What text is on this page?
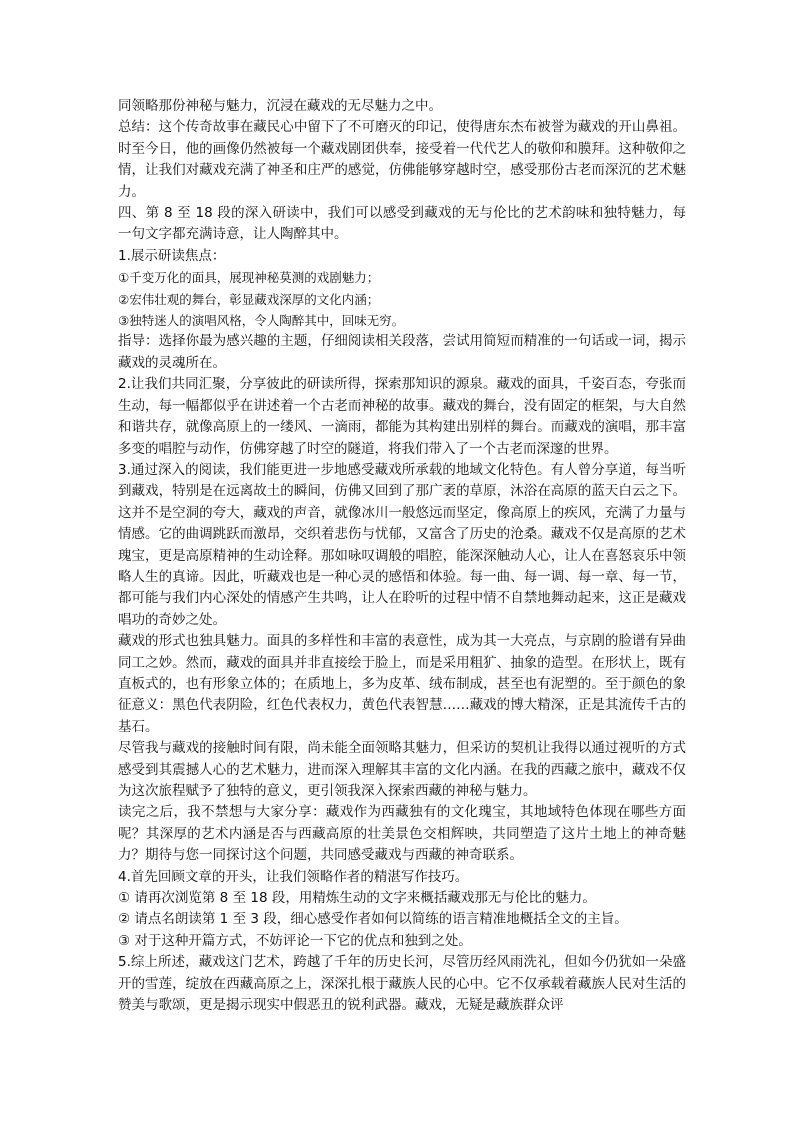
同领略那份神秘与魅力，沉浸在藏戏的无尽魅力之中。

总结：这个传奇故事在藏民心中留下了不可磨灭的印记，使得唐东杰布被誉为藏戏的开山鼻祖。时至今日，他的画像仍然被每一个藏戏剧团供奉，接受着一代代艺人的敬仰和膜拜。这种敬仰之情，让我们对藏戏充满了神圣和庄严的感觉，仿佛能够穿越时空，感受那份古老而深沉的艺术魅力。

四、第 8 至 18 段的深入研读中，我们可以感受到藏戏的无与伦比的艺术韵味和独特魅力，每一句文字都充满诗意，让人陶醉其中。

1.展示研读焦点：

①千变万化的面具，展现神秘莫测的戏剧魅力；

②宏伟壮观的舞台，彰显藏戏深厚的文化内涵；

③独特迷人的演唱风格，令人陶醉其中，回味无穷。

指导：选择你最为感兴趣的主题，仔细阅读相关段落，尝试用简短而精准的一句话或一词，揭示藏戏的灵魂所在。

2.让我们共同汇聚，分享彼此的研读所得，探索那知识的源泉。藏戏的面具，千姿百态，夸张而生动，每一幅都似乎在讲述着一个古老而神秘的故事。藏戏的舞台，没有固定的框架，与大自然和谐共存，就像高原上的一缕风、一滴雨，都能为其构建出别样的舞台。而藏戏的演唱，那丰富多变的唱腔与动作，仿佛穿越了时空的隧道，将我们带入了一个古老而深邃的世界。

3.通过深入的阅读，我们能更进一步地感受藏戏所承载的地域文化特色。有人曾分享道，每当听到藏戏，特别是在远离故土的瞬间，仿佛又回到了那广袤的草原，沐浴在高原的蓝天白云之下。这并不是空洞的夸大，藏戏的声音，就像冰川一般悠远而坚定，像高原上的疾风，充满了力量与情感。它的曲调跳跃而激昂，交织着悲伤与忧郁，又富含了历史的沧桑。藏戏不仅是高原的艺术瑰宝，更是高原精神的生动诠释。那如咏叹调般的唱腔，能深深触动人心，让人在喜怒哀乐中领略人生的真谛。因此，听藏戏也是一种心灵的感悟和体验。每一曲、每一调、每一章、每一节，都可能与我们内心深处的情感产生共鸣，让人在聆听的过程中情不自禁地舞动起来，这正是藏戏唱功的奇妙之处。

藏戏的形式也独具魅力。面具的多样性和丰富的表意性，成为其一大亮点，与京剧的脸谱有异曲同工之妙。然而，藏戏的面具并非直接绘于脸上，而是采用粗犷、抽象的造型。在形状上，既有直板式的，也有形象立体的；在质地上，多为皮革、绒布制成，甚至也有泥塑的。至于颜色的象征意义：黑色代表阴险，红色代表权力，黄色代表智慧……藏戏的博大精深，正是其流传千古的基石。

尽管我与藏戏的接触时间有限，尚未能全面领略其魅力，但采访的契机让我得以通过视听的方式感受到其震撼人心的艺术魅力，进而深入理解其丰富的文化内涵。在我的西藏之旅中，藏戏不仅为这次旅程赋予了独特的意义，更引领我深入探索西藏的神秘与魅力。

读完之后，我不禁想与大家分享：藏戏作为西藏独有的文化瑰宝，其地域特色体现在哪些方面呢？其深厚的艺术内涵是否与西藏高原的壮美景色交相辉映，共同塑造了这片土地上的神奇魅力？期待与您一同探讨这个问题，共同感受藏戏与西藏的神奇联系。

4.首先回顾文章的开头，让我们领略作者的精湛写作技巧。

① 请再次浏览第 8 至 18 段，用精炼生动的文字来概括藏戏那无与伦比的魅力。

② 请点名朗读第 1 至 3 段，细心感受作者如何以简练的语言精准地概括全文的主旨。

③ 对于这种开篇方式，不妨评论一下它的优点和独到之处。

5.综上所述，藏戏这门艺术，跨越了千年的历史长河，尽管历经风雨洗礼，但如今仍犹如一朵盛开的雪莲，绽放在西藏高原之上，深深扎根于藏族人民的心中。它不仅承载着藏族人民对生活的赞美与歌颂，更是揭示现实中假恶丑的锐利武器。藏戏，无疑是藏族群众评
